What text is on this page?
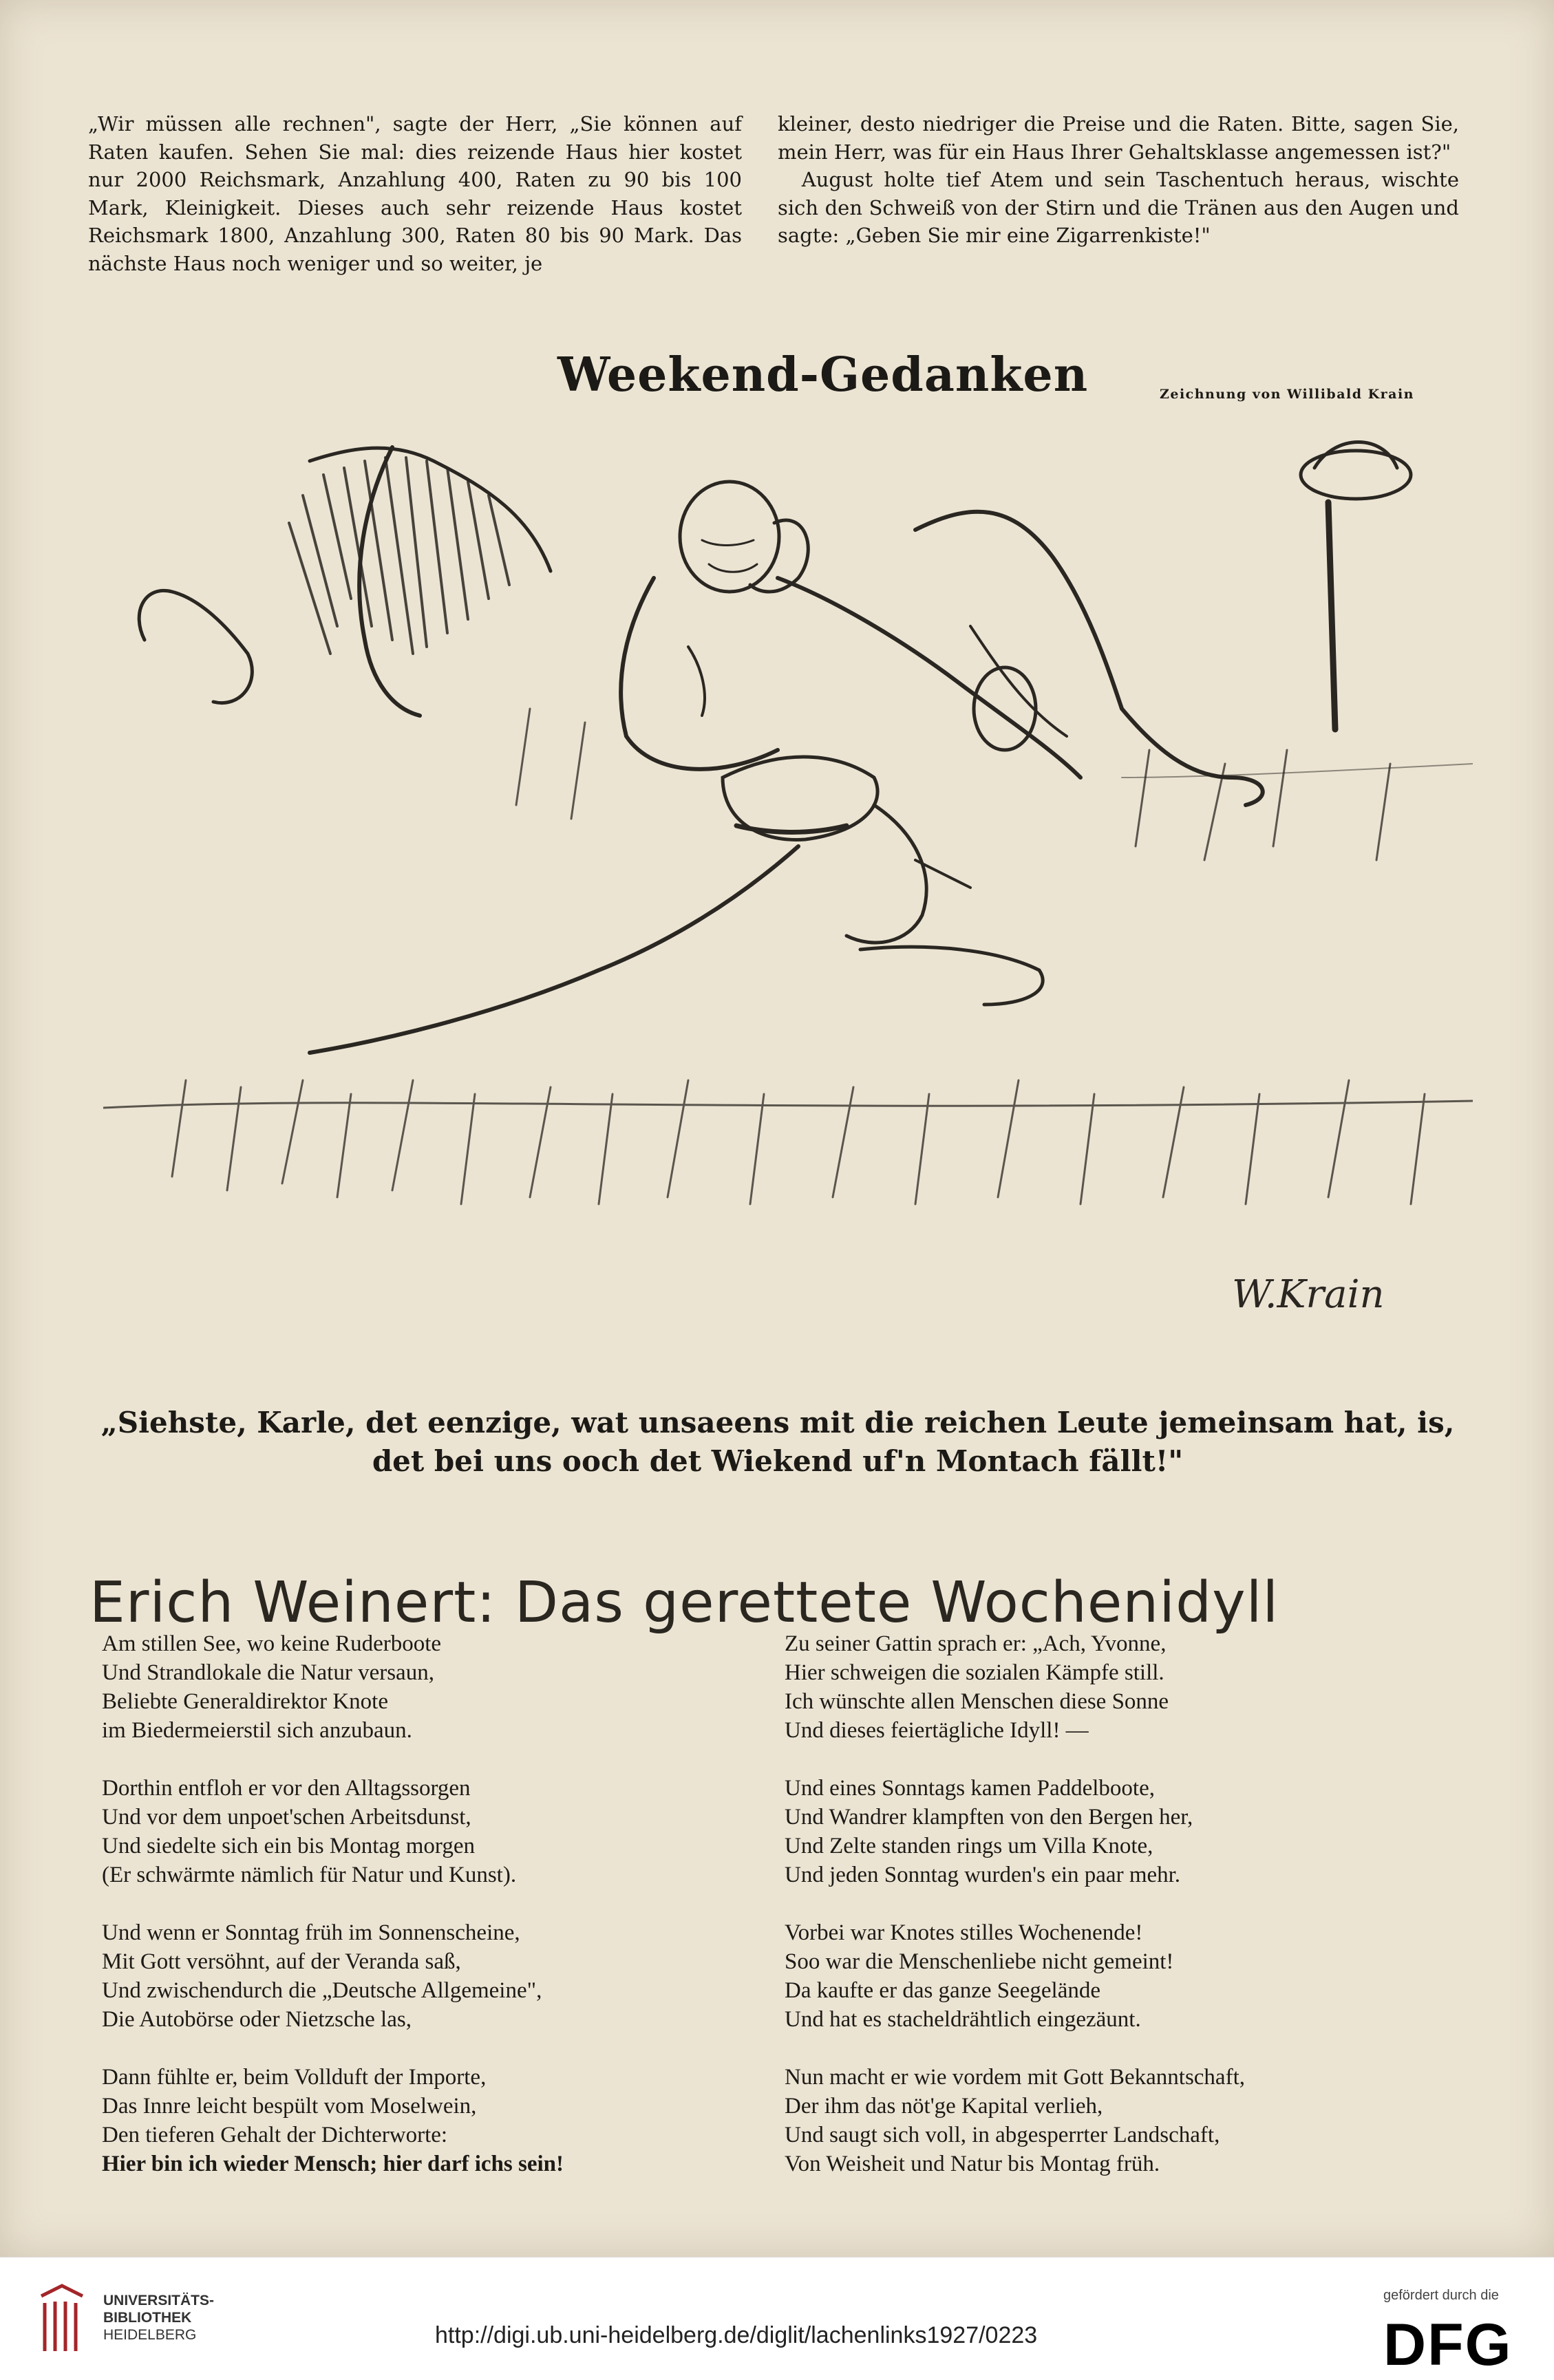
„Wir müssen alle rechnen", sagte der Herr, „Sie können auf Raten kaufen. Sehen Sie mal: dies reizende Haus hier kostet nur 2000 Reichsmark, Anzahlung 400, Raten zu 90 bis 100 Mark, Kleinigkeit. Dieses auch sehr reizende Haus kostet Reichsmark 1800, Anzahlung 300, Raten 80 bis 90 Mark. Das nächste Haus noch weniger und so weiter, je

kleiner, desto niedriger die Preise und die Raten. Bitte, sagen Sie, mein Herr, was für ein Haus Ihrer Gehaltsklasse angemessen ist?"

August holte tief Atem und sein Taschentuch heraus, wischte sich den Schweiß von der Stirn und die Tränen aus den Augen und sagte: „Geben Sie mir eine Zigarrenkiste!"

Weekend-Gedanken	Zeichnung von Willibald Krain
W.Krain
„Siehste, Karle, det eenzige, wat unsaeens mit die reichen Leute jemeinsam hat, is, det bei uns ooch det Wiekend uf'n Montach fällt!"
Erich Weinert: Das gerettete Wochenidyll
Am stillen See, wo keine Ruderboote
Und Strandlokale die Natur versaun,
Beliebte Generaldirektor Knote
im Biedermeierstil sich anzubaun.
Dorthin entfloh er vor den Alltagssorgen
Und vor dem unpoet'schen Arbeitsdunst,
Und siedelte sich ein bis Montag morgen
(Er schwärmte nämlich für Natur und Kunst).
Und wenn er Sonntag früh im Sonnenscheine,
Mit Gott versöhnt, auf der Veranda saß,
Und zwischendurch die „Deutsche Allgemeine",
Die Autobörse oder Nietzsche las,
Dann fühlte er, beim Vollduft der Importe,
Das Innre leicht bespült vom Moselwein,
Den tieferen Gehalt der Dichterworte:
Hier bin ich wieder Mensch; hier darf ichs sein!
Zu seiner Gattin sprach er: „Ach, Yvonne,
Hier schweigen die sozialen Kämpfe still.
Ich wünschte allen Menschen diese Sonne
Und dieses feiertägliche Idyll! —
Und eines Sonntags kamen Paddelboote,
Und Wandrer klampften von den Bergen her,
Und Zelte standen rings um Villa Knote,
Und jeden Sonntag wurden's ein paar mehr.
Vorbei war Knotes stilles Wochenende!
Soo war die Menschenliebe nicht gemeint!
Da kaufte er das ganze Seegelände
Und hat es stacheldrähtlich eingezäunt.
Nun macht er wie vordem mit Gott Bekanntschaft,
Der ihm das nöt'ge Kapital verlieh,
Und saugt sich voll, in abgesperrter Landschaft,
Von Weisheit und Natur bis Montag früh.
UNIVERSITÄTS-
BIBLIOTHEK
HEIDELBERG	http://digi.ub.uni-heidelberg.de/diglit/lachenlinks1927/0223
gefördert durch die
DFG
